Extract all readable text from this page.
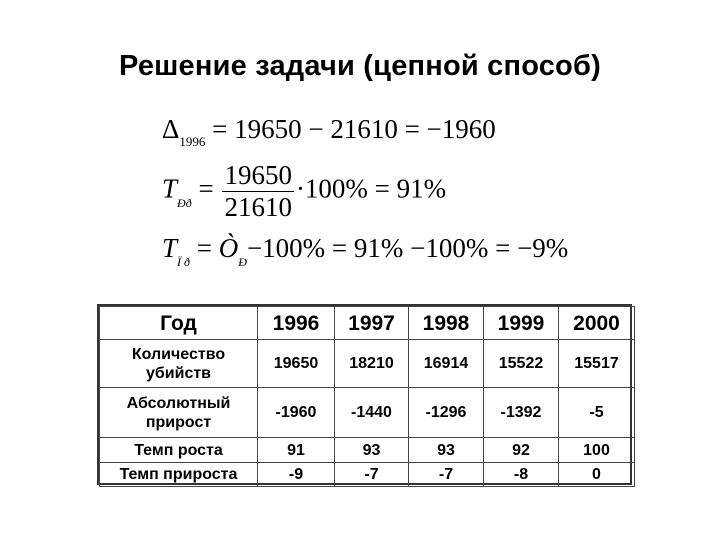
Решение задачи (цепной способ)
$\Delta_{1996} = 19650 - 21610 = -1960$
$T_{Ðð} = \frac{19650}{21610} \cdot 100\% = 91\%$
$T_{Ï ð}$ = $Ò_Ð-100\% = 91\% -100\% = -9\%$
Год	1996	1997	1998	1999	2000
Количество убийств	19650	18210	16914	15522	15517
Абсолютный прирост	-1960	-1440	-1296	-1392	-5
Темп роста	91	93	93	92	100
Темп прироста	-9	-7	-7	-8	0
